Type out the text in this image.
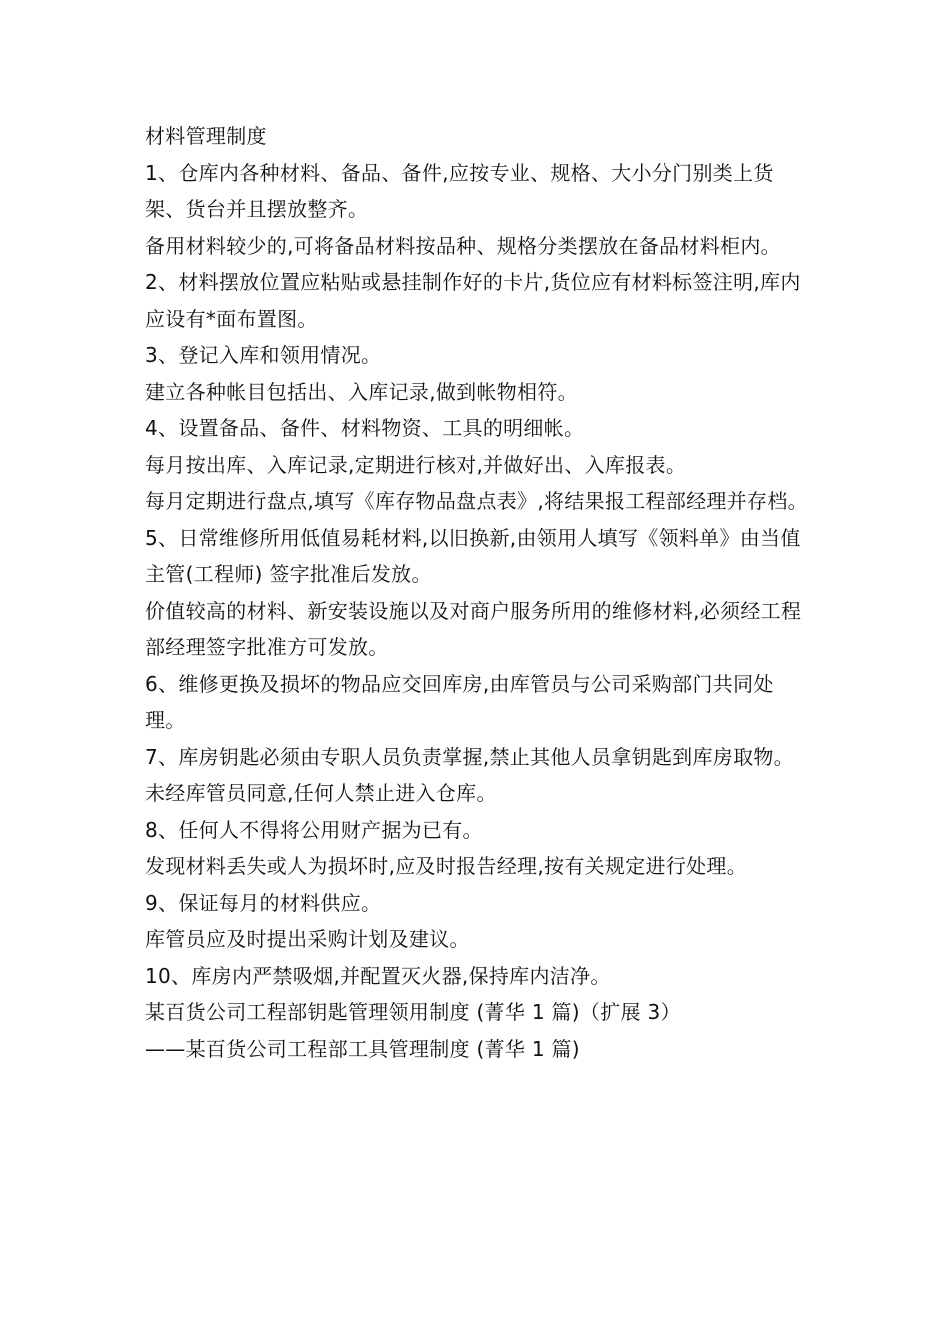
材料管理制度

1、仓库内各种材料、备品、备件,应按专业、规格、大小分门别类上货架、货台并且摆放整齐。

备用材料较少的,可将备品材料按品种、规格分类摆放在备品材料柜内。

2、材料摆放位置应粘贴或悬挂制作好的卡片,货位应有材料标签注明,库内应设有*面布置图。

3、登记入库和领用情况。

建立各种帐目包括出、入库记录,做到帐物相符。

4、设置备品、备件、材料物资、工具的明细帐。

每月按出库、入库记录,定期进行核对,并做好出、入库报表。

每月定期进行盘点,填写《库存物品盘点表》,将结果报工程部经理并存档。

5、日常维修所用低值易耗材料,以旧换新,由领用人填写《领料单》由当值主管(工程师) 签字批准后发放。

价值较高的材料、新安装设施以及对商户服务所用的维修材料,必须经工程部经理签字批准方可发放。

6、维修更换及损坏的物品应交回库房,由库管员与公司采购部门共同处理。

7、库房钥匙必须由专职人员负责掌握,禁止其他人员拿钥匙到库房取物。

未经库管员同意,任何人禁止进入仓库。

8、任何人不得将公用财产据为已有。

发现材料丢失或人为损坏时,应及时报告经理,按有关规定进行处理。

9、保证每月的材料供应。

库管员应及时提出采购计划及建议。

10、库房内严禁吸烟,并配置灭火器,保持库内洁净。

某百货公司工程部钥匙管理领用制度 (菁华 1 篇)（扩展 3）

——某百货公司工程部工具管理制度 (菁华 1 篇)
